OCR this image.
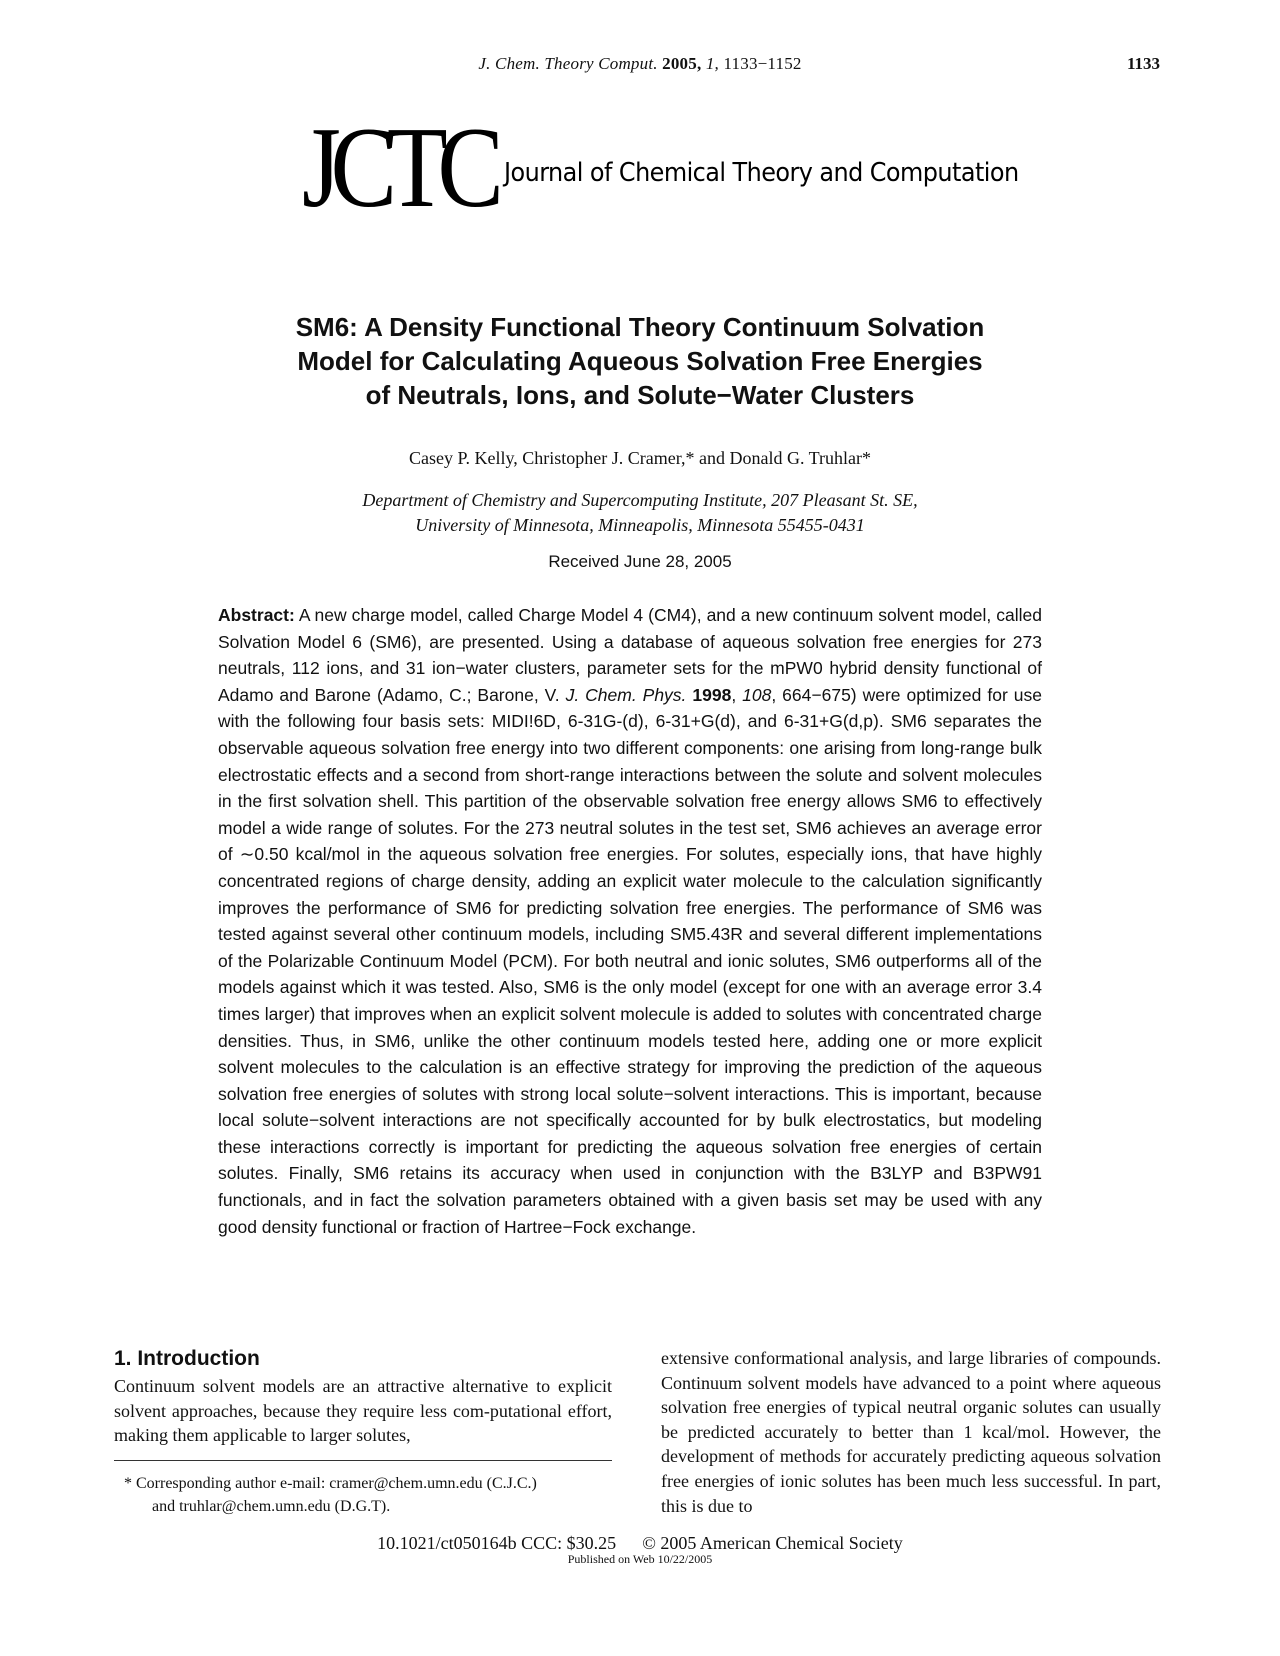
J. Chem. Theory Comput. 2005, 1, 1133−1152	1133
JCTC Journal of Chemical Theory and Computation
SM6: A Density Functional Theory Continuum Solvation
Model for Calculating Aqueous Solvation Free Energies
of Neutrals, Ions, and Solute−Water Clusters
Casey P. Kelly, Christopher J. Cramer,* and Donald G. Truhlar*
Department of Chemistry and Supercomputing Institute, 207 Pleasant St. SE,
University of Minnesota, Minneapolis, Minnesota 55455-0431
Received June 28, 2005
Abstract: A new charge model, called Charge Model 4 (CM4), and a new continuum solvent model, called Solvation Model 6 (SM6), are presented. Using a database of aqueous solvation free energies for 273 neutrals, 112 ions, and 31 ion−water clusters, parameter sets for the mPW0 hybrid density functional of Adamo and Barone (Adamo, C.; Barone, V. J. Chem. Phys. 1998, 108, 664−675) were optimized for use with the following four basis sets: MIDI!6D, 6-31G-(d), 6-31+G(d), and 6-31+G(d,p). SM6 separates the observable aqueous solvation free energy into two different components: one arising from long-range bulk electrostatic effects and a second from short-range interactions between the solute and solvent molecules in the first solvation shell. This partition of the observable solvation free energy allows SM6 to effectively model a wide range of solutes. For the 273 neutral solutes in the test set, SM6 achieves an average error of ∼0.50 kcal/mol in the aqueous solvation free energies. For solutes, especially ions, that have highly concentrated regions of charge density, adding an explicit water molecule to the calculation significantly improves the performance of SM6 for predicting solvation free energies. The performance of SM6 was tested against several other continuum models, including SM5.43R and several different implementations of the Polarizable Continuum Model (PCM). For both neutral and ionic solutes, SM6 outperforms all of the models against which it was tested. Also, SM6 is the only model (except for one with an average error 3.4 times larger) that improves when an explicit solvent molecule is added to solutes with concentrated charge densities. Thus, in SM6, unlike the other continuum models tested here, adding one or more explicit solvent molecules to the calculation is an effective strategy for improving the prediction of the aqueous solvation free energies of solutes with strong local solute−solvent interactions. This is important, because local solute−solvent interactions are not specifically accounted for by bulk electrostatics, but modeling these interactions correctly is important for predicting the aqueous solvation free energies of certain solutes. Finally, SM6 retains its accuracy when used in conjunction with the B3LYP and B3PW91 functionals, and in fact the solvation parameters obtained with a given basis set may be used with any good density functional or fraction of Hartree−Fock exchange.
1. Introduction

Continuum solvent models are an attractive alternative to explicit solvent approaches, because they require less com-putational effort, making them applicable to larger solutes,

extensive conformational analysis, and large libraries of compounds. Continuum solvent models have advanced to a point where aqueous solvation free energies of typical neutral organic solutes can usually be predicted accurately to better than 1 kcal/mol. However, the development of methods for accurately predicting aqueous solvation free energies of ionic solutes has been much less successful. In part, this is due to

* Corresponding author e-mail: cramer@chem.umn.edu (C.J.C.)
and truhlar@chem.umn.edu (D.G.T).
10.1021/ct050164b CCC: $30.25 © 2005 American Chemical Society
Published on Web 10/22/2005
